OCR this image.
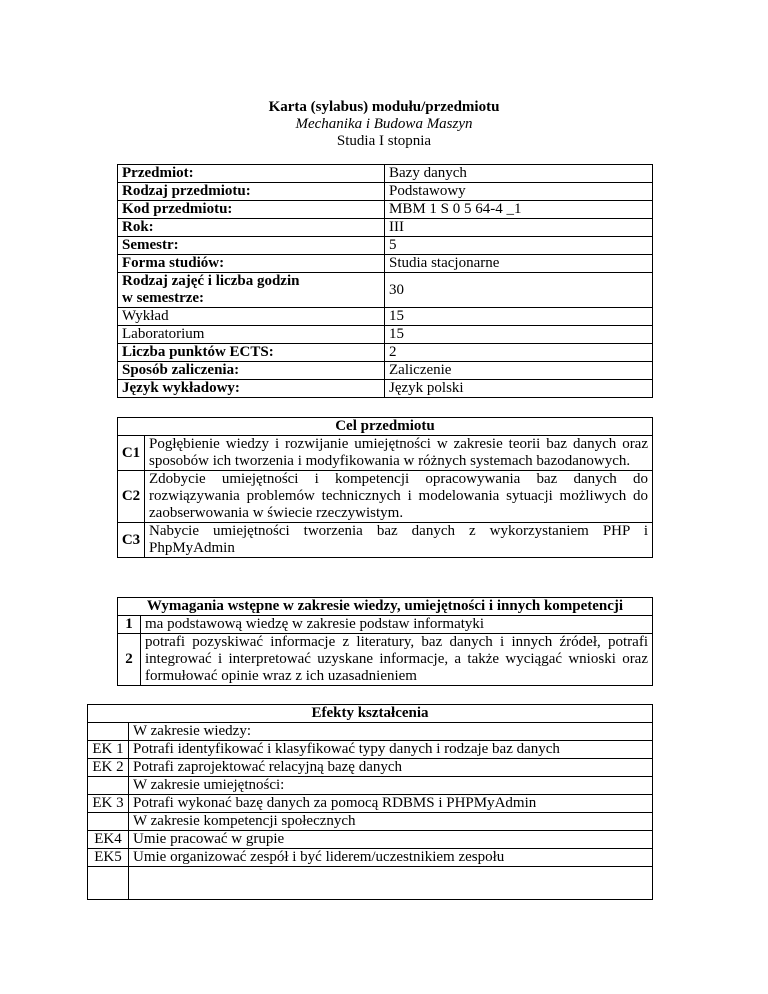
Karta (sylabus) modułu/przedmiotu
Mechanika i Budowa Maszyn
Studia I stopnia
Przedmiot:	Bazy danych
Rodzaj przedmiotu:	Podstawowy
Kod przedmiotu:	MBM 1 S 0 5 64-4 _1
Rok:	III
Semestr:	5
Forma studiów:	Studia stacjonarne
Rodzaj zajęć i liczba godzin
w semestrze:	30
Wykład	15
Laboratorium	15
Liczba punktów ECTS:	2
Sposób zaliczenia:	Zaliczenie
Język wykładowy:	Język polski
Cel przedmiotu	
C1	Pogłębienie wiedzy i rozwijanie umiejętności w zakresie teorii baz danych oraz sposobów ich tworzenia i modyfikowania w różnych systemach bazodanowych.
C2	Zdobycie umiejętności i kompetencji opracowywania baz danych do rozwiązywania problemów technicznych i modelowania sytuacji możliwych do zaobserwowania w świecie rzeczywistym.
C3	Nabycie umiejętności tworzenia baz danych z wykorzystaniem PHP i PhpMyAdmin
Wymagania wstępne w zakresie wiedzy, umiejętności i innych kompetencji	
1	ma podstawową wiedzę w zakresie podstaw informatyki
2	potrafi pozyskiwać informacje z literatury, baz danych i innych źródeł, potrafi integrować i interpretować uzyskane informacje, a także wyciągać wnioski oraz formułować opinie wraz z ich uzasadnieniem
Efekty kształcenia	
	W zakresie wiedzy:
EK 1	Potrafi identyfikować i klasyfikować typy danych i rodzaje baz danych
EK 2	Potrafi zaprojektować relacyjną bazę danych
	W zakresie umiejętności:
EK 3	Potrafi wykonać bazę danych za pomocą RDBMS i PHPMyAdmin
	W zakresie kompetencji społecznych
EK4	Umie pracować w grupie
EK5	Umie organizować zespół i być liderem/uczestnikiem zespołu
